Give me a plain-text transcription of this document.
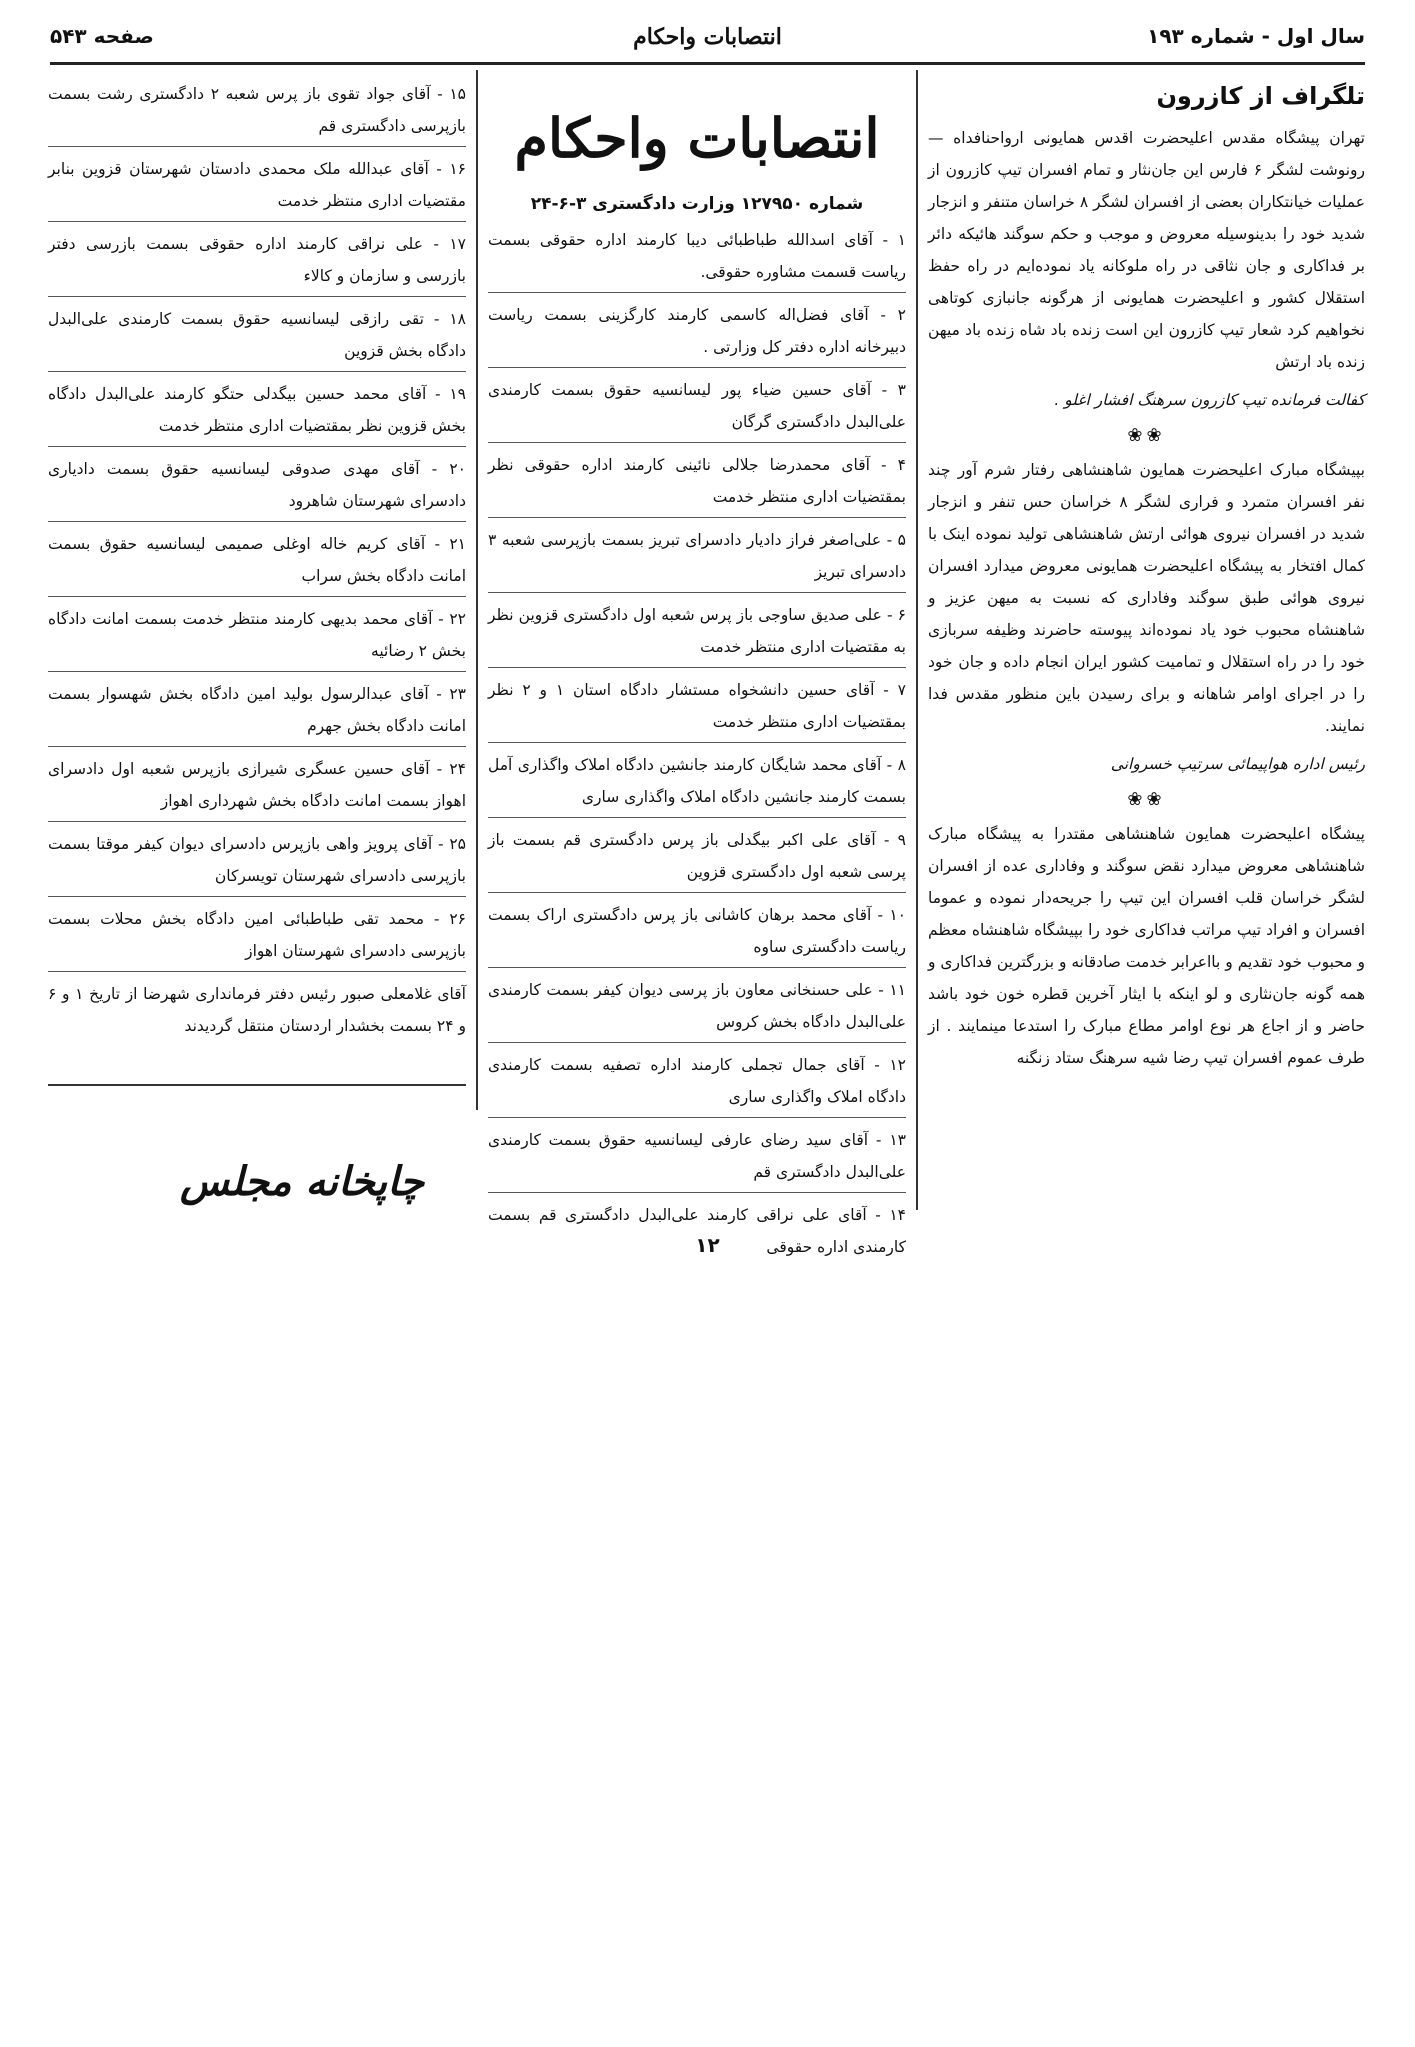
صفحه ۵۴۳	انتصابات واحکام	سال اول - شماره ۱۹۳
تلگراف از کازرون

تهران پیشگاه مقدس اعلیحضرت اقدس همایونی ارواحنافداه — رونوشت لشگر ۶ فارس این جان‌نثار و تمام افسران تیپ کازرون از عملیات خیانتکاران بعضی از افسران لشگر ۸ خراسان متنفر و انزجار شدید خود را بدینوسیله معروض و موجب و حکم سوگند هائیکه دائر بر فداکاری و جان نثاقی در راه ملوکانه یاد نموده‌ایم در راه حفظ استقلال کشور و اعلیحضرت همایونی از هرگونه جانبازی کوتاهی نخواهیم کرد شعار تیپ کازرون این است زنده باد شاه زنده باد میهن زنده باد ارتش

کفالت فرمانده تیپ کازرون سرهنگ افشار اغلو .

❀❀

بپیشگاه مبارک اعلیحضرت همایون شاهنشاهی رفتار شرم آور چند نفر افسران متمرد و فراری لشگر ۸ خراسان حس تنفر و انزجار شدید در افسران نیروی هوائی ارتش شاهنشاهی تولید نموده اینک با کمال افتخار به پیشگاه اعلیحضرت همایونی معروض میدارد افسران نیروی هوائی طبق سوگند وفاداری که نسبت به میهن عزیز و شاهنشاه محبوب خود یاد نموده‌اند پیوسته حاضرند وظیفه سربازی خود را در راه استقلال و تمامیت کشور ایران انجام داده و جان خود را در اجرای اوامر شاهانه و برای رسیدن باین منظور مقدس فدا نمایند.

رئیس اداره هواپیمائی سرتیپ خسروانی

❀❀

پیشگاه اعلیحضرت همایون شاهنشاهی مقتدرا به پیشگاه مبارک شاهنشاهی معروض میدارد نقض سوگند و وفاداری عده از افسران لشگر خراسان قلب افسران این تیپ را جریحه‌دار نموده و عموما افسران و افراد تیپ مراتب فداکاری خود را بپیشگاه شاهنشاه معظم و محبوب خود تقدیم و بااعرابر خدمت صادقانه و بزرگترین فداکاری و همه گونه جان‌نثاری و لو اینکه با ایثار آخرین قطره خون خود باشد حاضر و از اجاع هر نوع اوامر مطاع مبارک را استدعا مینمایند . از طرف عموم افسران تیپ رضا شیه سرهنگ ستاد زنگنه

انتصابات واحکام
شماره ۱۲۷۹۵۰ وزارت دادگستری ۳-۶-۲۴
۱ - آقای اسدالله طباطبائی دیبا کارمند اداره حقوقی بسمت ریاست قسمت مشاوره حقوقی.
۲ - آقای فضل‌اله کاسمی کارمند کارگزینی بسمت ریاست دبیرخانه اداره دفتر کل وزارتی .
۳ - آقای حسین ضیاء پور لیسانسیه حقوق بسمت کارمندی علی‌البدل دادگستری گرگان
۴ - آقای محمدرضا جلالی نائینی کارمند اداره حقوقی نظر بمقتضیات اداری منتظر خدمت
۵ - علی‌اصغر فراز دادیار دادسرای تبریز بسمت بازپرسی شعبه ۳ دادسرای تبریز
۶ - علی صدیق ساوجی باز پرس شعبه اول دادگستری قزوین نظر به مقتضیات اداری منتظر خدمت
۷ - آقای حسین دانشخواه مستشار دادگاه استان ۱ و ۲ نظر بمقتضیات اداری منتظر خدمت
۸ - آقای محمد شایگان کارمند جانشین دادگاه املاک واگذاری آمل بسمت کارمند جانشین دادگاه املاک واگذاری ساری
۹ - آقای علی اکبر بیگدلی باز پرس دادگستری قم بسمت باز پرسی شعبه اول دادگستری قزوین
۱۰ - آقای محمد برهان کاشانی باز پرس دادگستری اراک بسمت ریاست دادگستری ساوه
۱۱ - علی حسنخانی معاون باز پرسی دیوان کیفر بسمت کارمندی علی‌البدل دادگاه بخش کروس
۱۲ - آقای جمال تجملی کارمند اداره تصفیه بسمت کارمندی دادگاه املاک واگذاری ساری
۱۳ - آقای سید رضای عارفی لیسانسیه حقوق بسمت کارمندی علی‌البدل دادگستری قم
۱۴ - آقای علی نراقی کارمند علی‌البدل دادگستری قم بسمت کارمندی اداره حقوقی
۱۵ - آقای جواد تقوی باز پرس شعبه ۲ دادگستری رشت بسمت بازپرسی دادگستری قم
۱۶ - آقای عبدالله ملک محمدی دادستان شهرستان قزوین بنابر مقتضیات اداری منتظر خدمت
۱۷ - علی نراقی کارمند اداره حقوقی بسمت بازرسی دفتر بازرسی و سازمان و کالاء
۱۸ - تقی رازقی لیسانسیه حقوق بسمت کارمندی علی‌البدل دادگاه بخش قزوین
۱۹ - آقای محمد حسین بیگدلی حتگو کارمند علی‌البدل دادگاه بخش قزوین نظر بمقتضیات اداری منتظر خدمت
۲۰ - آقای مهدی صدوقی لیسانسیه حقوق بسمت دادیاری دادسرای شهرستان شاهرود
۲۱ - آقای کریم خاله اوغلی صمیمی لیسانسیه حقوق بسمت امانت دادگاه بخش سراب
۲۲ - آقای محمد بدیهی کارمند منتظر خدمت بسمت امانت دادگاه بخش ۲ رضائیه
۲۳ - آقای عبدالرسول بولید امین دادگاه بخش شهسوار بسمت امانت دادگاه بخش جهرم
۲۴ - آقای حسین عسگری شیرازی بازپرس شعبه اول دادسرای اهواز بسمت امانت دادگاه بخش شهرداری اهواز
۲۵ - آقای پرویز واهی بازپرس دادسرای دیوان کیفر موقتا بسمت بازپرسی دادسرای شهرستان تویسرکان
۲۶ - محمد تقی طباطبائی امین دادگاه بخش محلات بسمت بازپرسی دادسرای شهرستان اهواز
آقای غلامعلی صبور رئیس دفتر فرمانداری شهرضا از تاریخ ۱ و ۶ و ۲۴ بسمت بخشدار اردستان منتقل گردیدند
چاپخانه مجلس
۱۲
